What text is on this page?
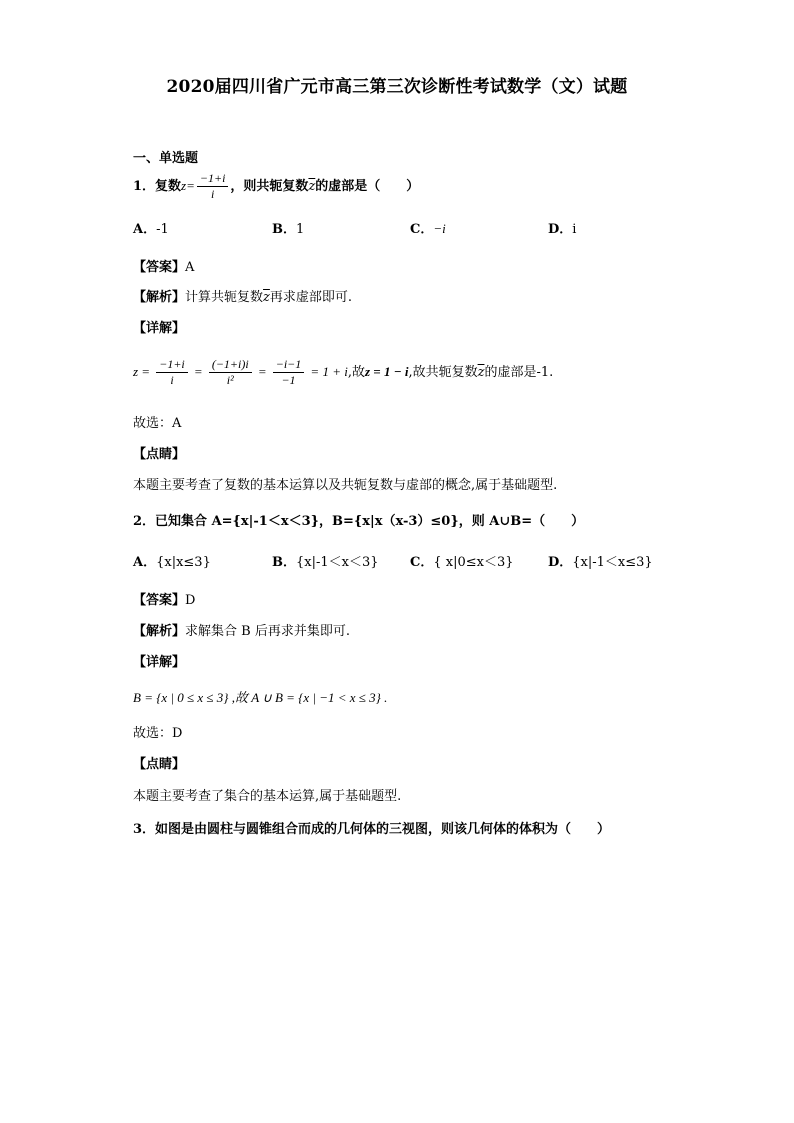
2020届四川省广元市高三第三次诊断性考试数学（文）试题
一、单选题
1．复数$z= \frac{-1+i}{i}$ ，则共轭复数$\overline{z}$的虚部是（　　）
A．-1	B．1	C．−i	D．i
【答案】A
【解析】计算共轭复数$\overline{z}$再求虚部即可.
【详解】
$z = \frac{-1+i}{i} = \frac{(-1+i)i}{\text{i²}} = \frac{-i-1}{-1} = 1 + i$,故z = 1 − i,故共轭复数$\overline{z}$的虚部是-1.
故选：A
【点睛】
本题主要考查了复数的基本运算以及共轭复数与虚部的概念,属于基础题型.
2．已知集合 A={x|-1＜x＜3}，B={x|x（x-3）≤0}，则 A∪B=（　　）
A．{x|x≤3}	B．{x|-1＜x＜3} C．{ x|0≤x＜3}	D．{x|-1＜x≤3}
【答案】D
【解析】求解集合 B 后再求并集即可.
【详解】
B = {x | 0 ≤ x ≤ 3} ,故 A ∪ B = {x | −1 < x ≤ 3} .
故选：D
【点睛】
本题主要考查了集合的基本运算,属于基础题型.
3．如图是由圆柱与圆锥组合而成的几何体的三视图，则该几何体的体积为（　　）
